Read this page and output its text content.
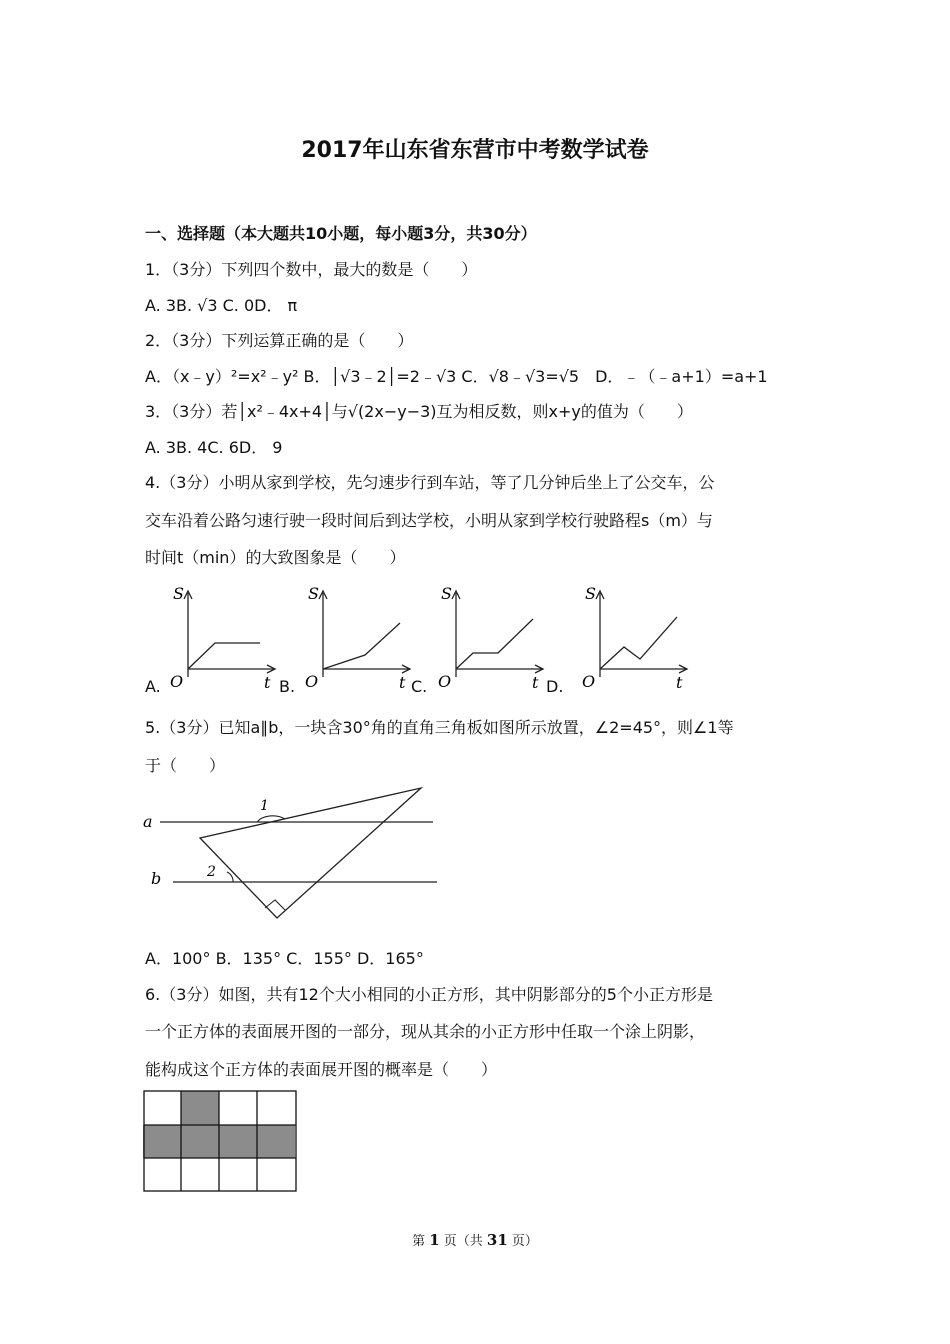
2017年山东省东营市中考数学试卷
一、选择题（本大题共10小题，每小题3分，共30分）
1．（3分）下列四个数中，最大的数是（　　）
A. 3B. √3 C. 0D． π
2．（3分）下列运算正确的是（　　）
A．（x﹣y）²=x²﹣y² B．│√3﹣2│=2﹣√3 C．√8﹣√3=√5　D．﹣（﹣a+1）=a+1
3．（3分）若│x²﹣4x+4│与√(2x−y−3)互为相反数，则x+y的值为（　　）
A. 3B. 4C. 6D． 9
4.（3分）小明从家到学校，先匀速步行到车站，等了几分钟后坐上了公交车，公
交车沿着公路匀速行驶一段时间后到达学校，小明从家到学校行驶路程s（m）与
时间t（min）的大致图象是（　　）
A.
S
O	t B.
S
O	t C.
S
O	t D.
S
O	t
5.（3分）已知a∥b，一块含30°角的直角三角板如图所示放置，∠2=45°，则∠1等
于（　　）
a
b
1
2
A．100° B．135° C．155° D．165°
6.（3分）如图，共有12个大小相同的小正方形，其中阴影部分的5个小正方形是
一个正方体的表面展开图的一部分，现从其余的小正方形中任取一个涂上阴影，
能构成这个正方体的表面展开图的概率是（　　）
第 1 页（共 31 页）
